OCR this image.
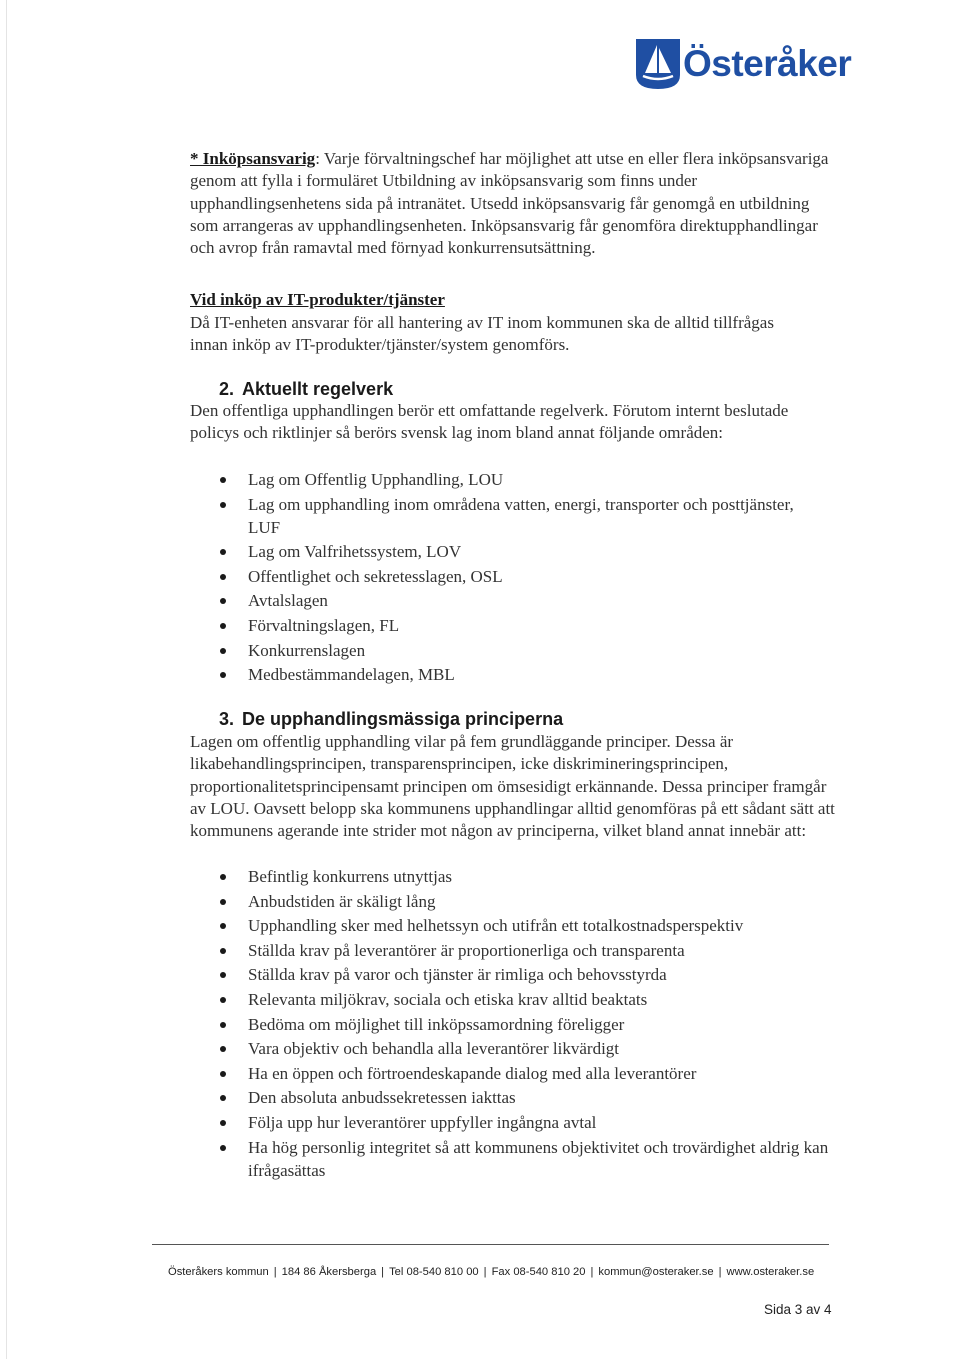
Österåker

* Inköpsansvarig: Varje förvaltningschef har möjlighet att utse en eller flera inköpsansvariga genom att fylla i formuläret Utbildning av inköpsansvarig som finns under upphandlingsenhetens sida på intranätet. Utsedd inköpsansvarig får genomgå en utbildning som arrangeras av upphandlingsenheten. Inköpsansvarig får genomföra direktupphandlingar och avrop från ramavtal med förnyad konkurrensutsättning.

Vid inköp av IT-produkter/tjänster

Då IT-enheten ansvarar för all hantering av IT inom kommunen ska de alltid tillfrågas innan inköp av IT-produkter/tjänster/system genomförs.

2. Aktuellt regelverk

Den offentliga upphandlingen berör ett omfattande regelverk. Förutom internt beslutade policys och riktlinjer så berörs svensk lag inom bland annat följande områden:

Lag om Offentlig Upphandling, LOU
Lag om upphandling inom områdena vatten, energi, transporter och posttjänster, LUF
Lag om Valfrihetssystem, LOV
Offentlighet och sekretesslagen, OSL
Avtalslagen
Förvaltningslagen, FL
Konkurrenslagen
Medbestämmandelagen, MBL
3. De upphandlingsmässiga principerna

Lagen om offentlig upphandling vilar på fem grundläggande principer. Dessa är likabehandlingsprincipen, transparensprincipen, icke diskrimineringsprincipen, proportionalitetsprincipensamt principen om ömsesidigt erkännande. Dessa principer framgår av LOU. Oavsett belopp ska kommunens upphandlingar alltid genomföras på ett sådant sätt att kommunens agerande inte strider mot någon av principerna, vilket bland annat innebär att:

Befintlig konkurrens utnyttjas
Anbudstiden är skäligt lång
Upphandling sker med helhetssyn och utifrån ett totalkostnadsperspektiv
Ställda krav på leverantörer är proportionerliga och transparenta
Ställda krav på varor och tjänster är rimliga och behovsstyrda
Relevanta miljökrav, sociala och etiska krav alltid beaktats
Bedöma om möjlighet till inköpssamordning föreligger
Vara objektiv och behandla alla leverantörer likvärdigt
Ha en öppen och förtroendeskapande dialog med alla leverantörer
Den absoluta anbudssekretessen iakttas
Följa upp hur leverantörer uppfyller ingångna avtal
Ha hög personlig integritet så att kommunens objektivitet och trovärdighet aldrig kan ifrågasättas
Österåkers kommun | 184 86 Åkersberga | Tel 08-540 810 00 | Fax 08-540 810 20 | kommun@osteraker.se | www.osteraker.se
Sida 3 av 4
